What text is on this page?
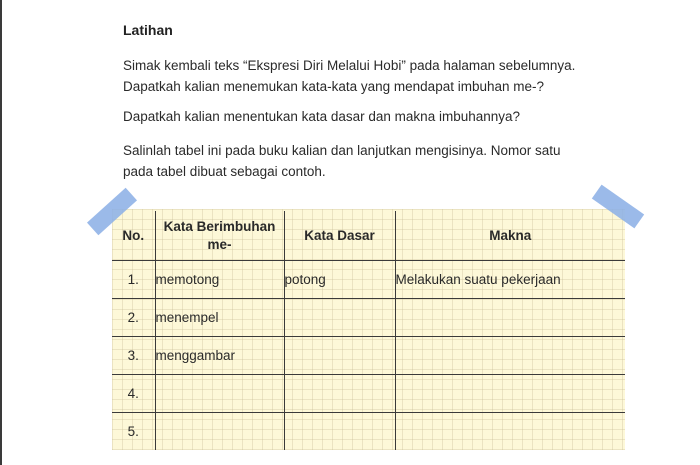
Latihan

Simak kembali teks “Ekspresi Diri Melalui Hobi” pada halaman sebelumnya. Dapatkah kalian menemukan kata-kata yang mendapat imbuhan me-?

Dapatkah kalian menentukan kata dasar dan makna imbuhannya?

Salinlah tabel ini pada buku kalian dan lanjutkan mengisinya. Nomor satu pada tabel dibuat sebagai contoh.

No.	Kata Berimbuhan me-	Kata Dasar	Makna
1.	memotong	potong	Melakukan suatu pekerjaan
2.	menempel		
3.	menggambar		
4.			
5.			
